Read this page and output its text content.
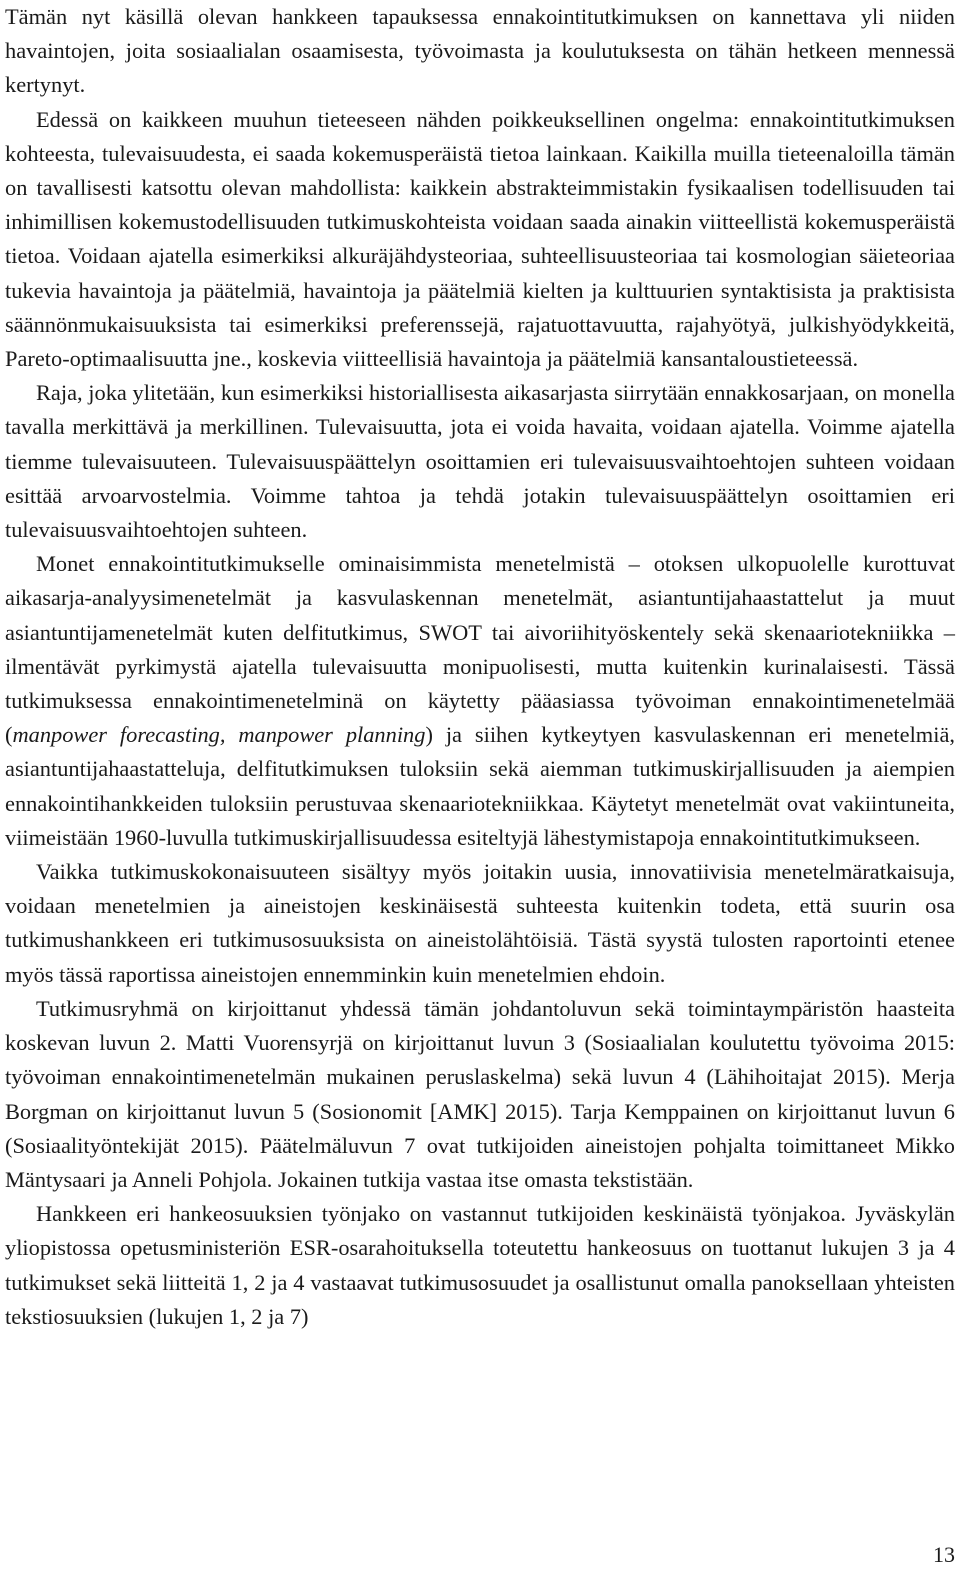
Tämän nyt käsillä olevan hankkeen tapauksessa ennakointitutkimuksen on kannettava yli niiden havaintojen, joita sosiaalialan osaamisesta, työvoimasta ja koulutuksesta on tähän hetkeen mennessä kertynyt.

Edessä on kaikkeen muuhun tieteeseen nähden poikkeuksellinen ongelma: ennakointitutkimuksen kohteesta, tulevaisuudesta, ei saada kokemusperäistä tietoa lainkaan. Kaikilla muilla tieteenaloilla tämän on tavallisesti katsottu olevan mahdollista: kaikkein abstrakteimmistakin fysikaalisen todellisuuden tai inhimillisen kokemustodellisuuden tutkimuskohteista voidaan saada ainakin viitteellistä kokemusperäistä tietoa. Voidaan ajatella esimerkiksi alkuräjähdysteoriaa, suhteellisuusteoriaa tai kosmologian säieteoriaa tukevia havaintoja ja päätelmiä, havaintoja ja päätelmiä kielten ja kulttuurien syntaktisista ja praktisista säännönmukaisuuksista tai esimerkiksi preferenssejä, rajatuottavuutta, rajahyötyä, julkishyödykkeitä, Pareto-optimaalisuutta jne., koskevia viitteellisiä havaintoja ja päätelmiä kansantaloustieteessä.

Raja, joka ylitetään, kun esimerkiksi historiallisesta aikasarjasta siirrytään ennakkosarjaan, on monella tavalla merkittävä ja merkillinen. Tulevaisuutta, jota ei voida havaita, voidaan ajatella. Voimme ajatella tiemme tulevaisuuteen. Tulevaisuuspäättelyn osoittamien eri tulevaisuusvaihtoehtojen suhteen voidaan esittää arvoarvostelmia. Voimme tahtoa ja tehdä jotakin tulevaisuuspäättelyn osoittamien eri tulevaisuusvaihtoehtojen suhteen.

Monet ennakointitutkimukselle ominaisimmista menetelmistä – otoksen ulkopuolelle kurottuvat aikasarja-analyysimenetelmät ja kasvulaskennan menetelmät, asiantuntijahaastattelut ja muut asiantuntijamenetelmät kuten delfitutkimus, SWOT tai aivoriihityöskentely sekä skenaariotekniikka – ilmentävät pyrkimystä ajatella tulevaisuutta monipuolisesti, mutta kuitenkin kurinalaisesti. Tässä tutkimuksessa ennakointimenetelminä on käytetty pääasiassa työvoiman ennakointimenetelmää (manpower forecasting, manpower planning) ja siihen kytkeytyen kasvulaskennan eri menetelmiä, asiantuntijahaastatteluja, delfitutkimuksen tuloksiin sekä aiemman tutkimuskirjallisuuden ja aiempien ennakointihankkeiden tuloksiin perustuvaa skenaariotekniikkaa. Käytetyt menetelmät ovat vakiintuneita, viimeistään 1960-luvulla tutkimuskirjallisuudessa esiteltyjä lähestymistapoja ennakointitutkimukseen.

Vaikka tutkimuskokonaisuuteen sisältyy myös joitakin uusia, innovatiivisia menetelmäratkaisuja, voidaan menetelmien ja aineistojen keskinäisestä suhteesta kuitenkin todeta, että suurin osa tutkimushankkeen eri tutkimusosuuksista on aineistolähtöisiä. Tästä syystä tulosten raportointi etenee myös tässä raportissa aineistojen ennemminkin kuin menetelmien ehdoin.

Tutkimusryhmä on kirjoittanut yhdessä tämän johdantoluvun sekä toimintaympäristön haasteita koskevan luvun 2. Matti Vuorensyrjä on kirjoittanut luvun 3 (Sosiaalialan koulutettu työvoima 2015: työvoiman ennakointimenetelmän mukainen peruslaskelma) sekä luvun 4 (Lähihoitajat 2015). Merja Borgman on kirjoittanut luvun 5 (Sosionomit [AMK] 2015). Tarja Kemppainen on kirjoittanut luvun 6 (Sosiaalityöntekijät 2015). Päätelmäluvun 7 ovat tutkijoiden aineistojen pohjalta toimittaneet Mikko Mäntysaari ja Anneli Pohjola. Jokainen tutkija vastaa itse omasta tekstistään.

Hankkeen eri hankeosuuksien työnjako on vastannut tutkijoiden keskinäistä työnjakoa. Jyväskylän yliopistossa opetusministeriön ESR-osarahoituksella toteutettu hankeosuus on tuottanut lukujen 3 ja 4 tutkimukset sekä liitteitä 1, 2 ja 4 vastaavat tutkimusosuudet ja osallistunut omalla panoksellaan yhteisten tekstiosuuksien (lukujen 1, 2 ja 7)

13
